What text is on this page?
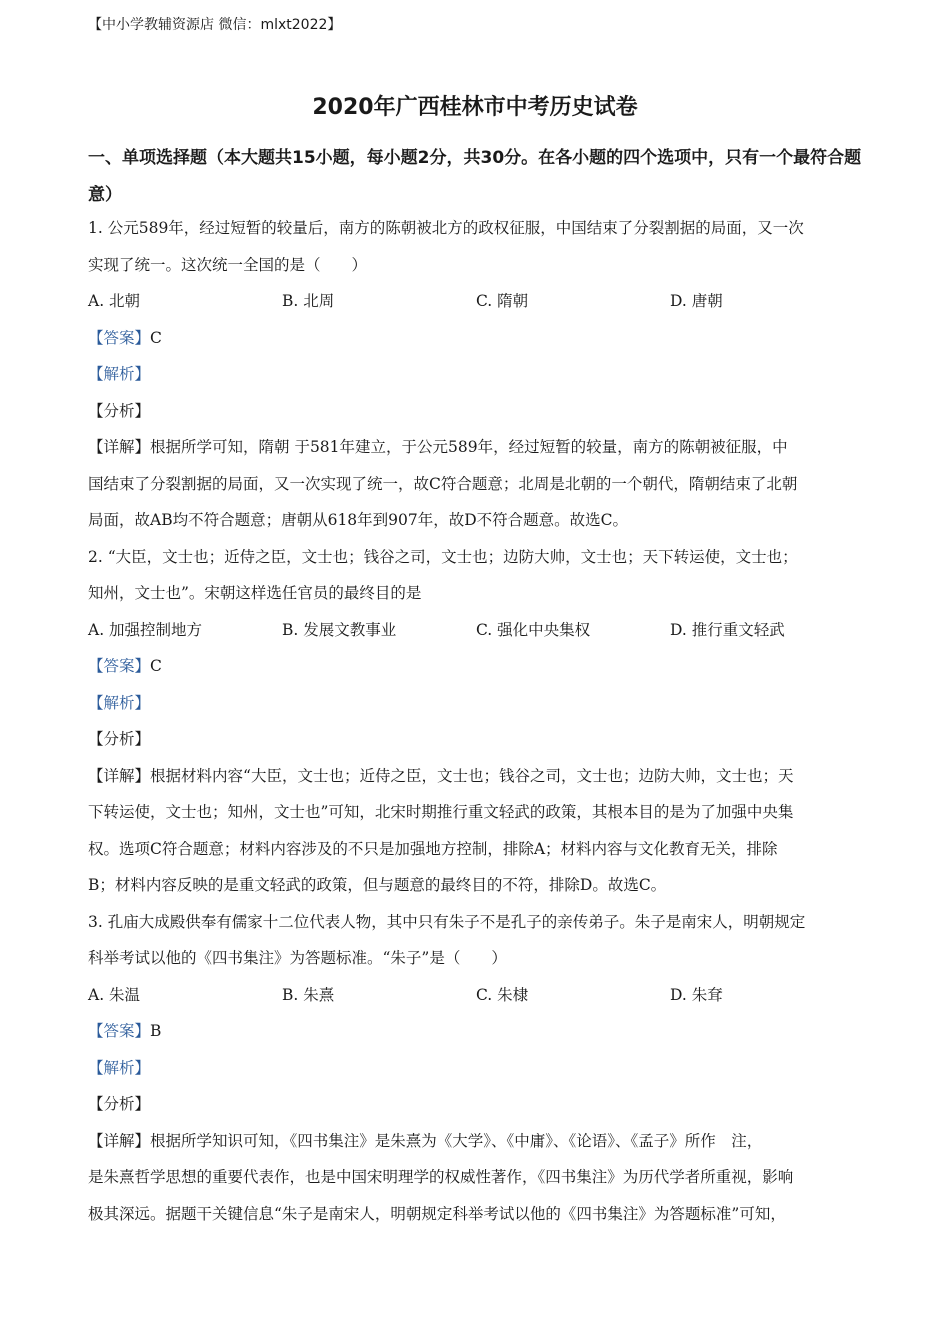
【中小学教辅资源店 微信：mlxt2022】
2020年广西桂林市中考历史试卷
一、单项选择题（本大题共15小题，每小题2分，共30分。在各小题的四个选项中，只有一个最符合题意）

1. 公元589年，经过短暂的较量后，南方的陈朝被北方的政权征服，中国结束了分裂割据的局面，又一次

实现了统一。这次统一全国的是（　　）

A. 北朝	B. 北周	C. 隋朝	D. 唐朝

【答案】C

【解析】

【分析】

【详解】根据所学可知，隋朝 于581年建立，于公元589年，经过短暂的较量，南方的陈朝被征服，中

国结束了分裂割据的局面，又一次实现了统一，故C符合题意；北周是北朝的一个朝代，隋朝结束了北朝

局面，故AB均不符合题意；唐朝从618年到907年，故D不符合题意。故选C。

2. “大臣，文士也；近侍之臣，文士也；钱谷之司，文士也；边防大帅，文士也；天下转运使，文士也；

知州，文士也”。宋朝这样选任官员的最终目的是

A. 加强控制地方	B. 发展文教事业	C. 强化中央集权	D. 推行重文轻武

【答案】C

【解析】

【分析】

【详解】根据材料内容“大臣，文士也；近侍之臣，文士也；钱谷之司，文士也；边防大帅，文士也；天

下转运使，文士也；知州，文士也”可知，北宋时期推行重文轻武的政策，其根本目的是为了加强中央集

权。选项C符合题意；材料内容涉及的不只是加强地方控制，排除A；材料内容与文化教育无关，排除

B；材料内容反映的是重文轻武的政策，但与题意的最终目的不符，排除D。故选C。

3. 孔庙大成殿供奉有儒家十二位代表人物，其中只有朱子不是孔子的亲传弟子。朱子是南宋人，明朝规定

科举考试以他的《四书集注》为答题标准。“朱子”是（　　）

A. 朱温	B. 朱熹	C. 朱棣	D. 朱耷

【答案】B

【解析】

【分析】

【详解】根据所学知识可知，《四书集注》是朱熹为《大学》、《中庸》、《论语》、《孟子》所作　注，

是朱熹哲学思想的重要代表作，也是中国宋明理学的权威性著作，《四书集注》为历代学者所重视，影响

极其深远。据题干关键信息“朱子是南宋人，明朝规定科举考试以他的《四书集注》为答题标准”可知，
